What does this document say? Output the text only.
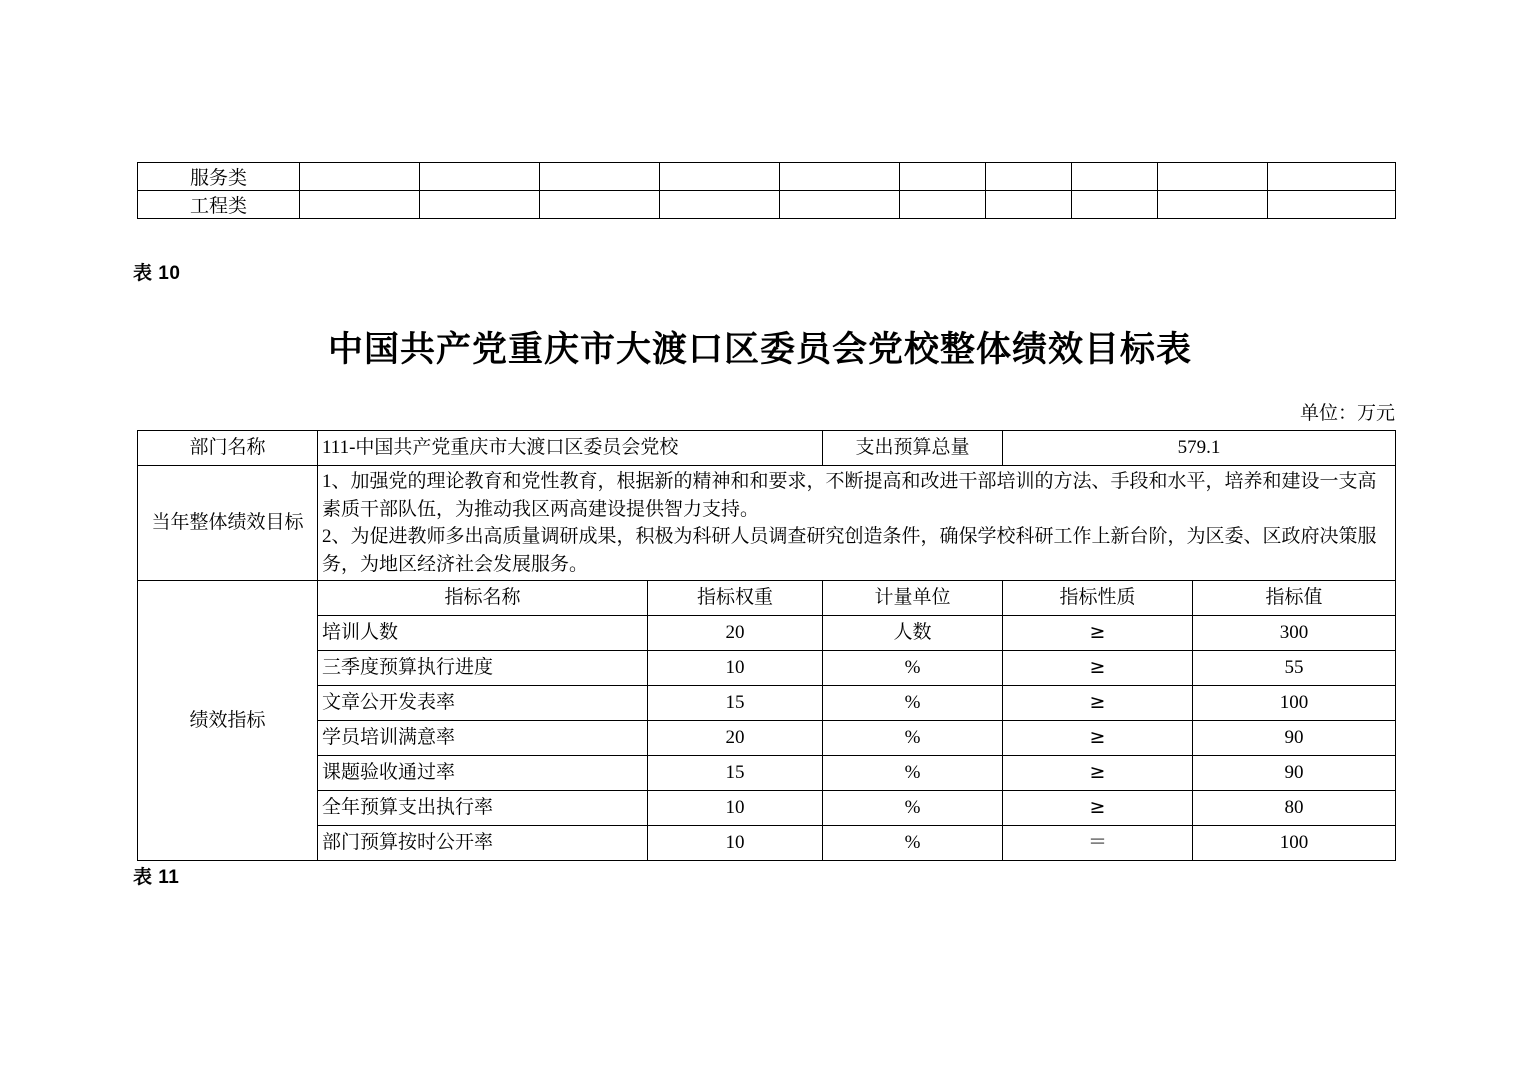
服务类										
工程类										
表 10
中国共产党重庆市大渡口区委员会党校整体绩效目标表
单位：万元
部门名称	111-中国共产党重庆市大渡口区委员会党校		支出预算总量	579.1	
当年整体绩效目标	1、加强党的理论教育和党性教育，根据新的精神和和要求，不断提高和改进干部培训的方法、手段和水平，培养和建设一支高素质干部队伍，为推动我区两高建设提供智力支持。

2、为促进教师多出高质量调研成果，积极为科研人员调查研究创造条件，确保学校科研工作上新台阶，为区委、区政府决策服务，为地区经济社会发展服务。				

绩效指标	指标名称	指标权重	计量单位	指标性质	指标值
	培训人数	20	人数	≥	300
	三季度预算执行进度	10	%	≥	55
	文章公开发表率	15	%	≥	100
	学员培训满意率	20	%	≥	90
	课题验收通过率	15	%	≥	90
	全年预算支出执行率	10	%	≥	80
	部门预算按时公开率	10	%	＝	100
表 11
